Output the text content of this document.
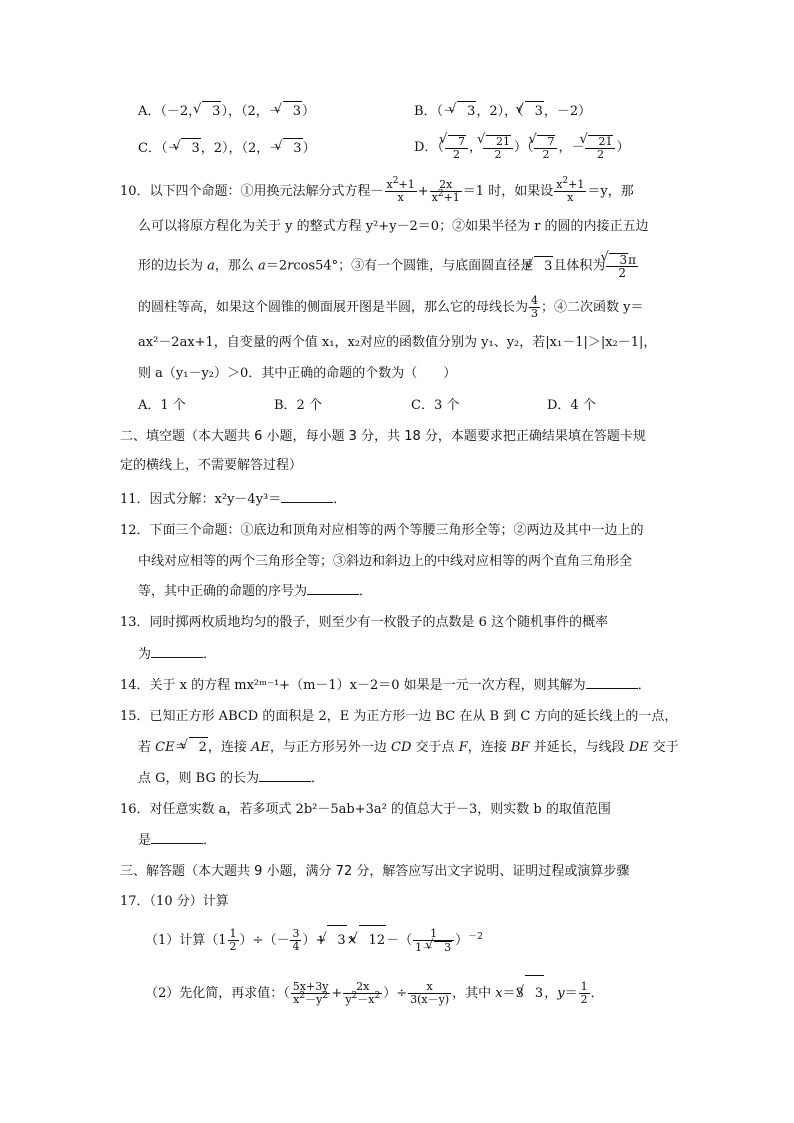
A．（－2， √ 3），（2，－ √ 3）	B．（－ √ 3，2），（ √ 3，－2）
C．（－ √ 3，2），（2，－ √ 3）	D．（ √ $\frac{7}{2}$ ， √ $\frac{21}{2}$ ）（ √ $\frac{7}{2}$ ，－ √ $\frac{21}{2}$ ）
10．以下四个命题：①用换元法解分式方程－ $\frac{x^2+1}{x} + \frac{2x}{x^2+1} =1$ 时，如果设 $\frac{x^2+1}{x} =y$，那
么可以将原方程化为关于 y 的整式方程 y²+y－2＝0；②如果半径为 r 的圆的内接正五边
形的边长为 a，那么 a＝2rcos54°；③有一个圆锥，与底面圆直径是 √ 3且体积为 √ $\frac{3\pi}{2}$
的圆柱等高，如果这个圆锥的侧面展开图是半圆，那么它的母线长为 $\frac{4}{3}$ ；④二次函数 y＝
ax²－2ax+1，自变量的两个值 x₁，x₂对应的函数值分别为 y₁、y₂，若|x₁－1|＞|x₂－1|，
则 a（y₁－y₂）＞0．其中正确的命题的个数为（　　）
A．1 个	B．2 个	C．3 个	D．4 个
二、填空题（本大题共 6 小题，每小题 3 分，共 18 分，本题要求把正确结果填在答题卡规
定的横线上，不需要解答过程）
11．因式分解：x²y－4y³＝	．
12．下面三个命题：①底边和顶角对应相等的两个等腰三角形全等；②两边及其中一边上的
中线对应相等的两个三角形全等；③斜边和斜边上的中线对应相等的两个直角三角形全
等，其中正确的命题的序号为	．
13．同时掷两枚质地均匀的骰子，则至少有一枚骰子的点数是 6 这个随机事件的概率
为	．
14．关于 x 的方程 mx²ᵐ⁻¹+（m－1）x－2＝0 如果是一元一次方程，则其解为	．
15．已知正方形 ABCD 的面积是 2，E 为正方形一边 BC 在从 B 到 C 方向的延长线上的一点，
若 CE＝ √ 2，连接 AE，与正方形另外一边 CD 交于点 F，连接 BF 并延长，与线段 DE 交于
点 G，则 BG 的长为	．
16．对任意实数 a，若多项式 2b²－5ab+3a² 的值总大于－3，则实数 b 的取值范围
是	．
三、解答题（本大题共 9 小题，满分 72 分，解答应写出文字说明、证明过程或演算步骤
17．（10 分）计算
（1）计算（$1 \frac{1}{2}$ ）÷（－ $\frac{3}{4}$ ）+ √ 3× √ $12-( \frac{1}{1- √ 3} )^{-2}$
（2）先化简，再求值：（ $\frac{5x+3y}{x^2-y^2} + \frac{2x}{y^2-x^2}$ ）÷ $\frac{x}{3(x-y)}$ ，其中 x＝3 √ 3，$y= \frac{1}{2}$ ．
